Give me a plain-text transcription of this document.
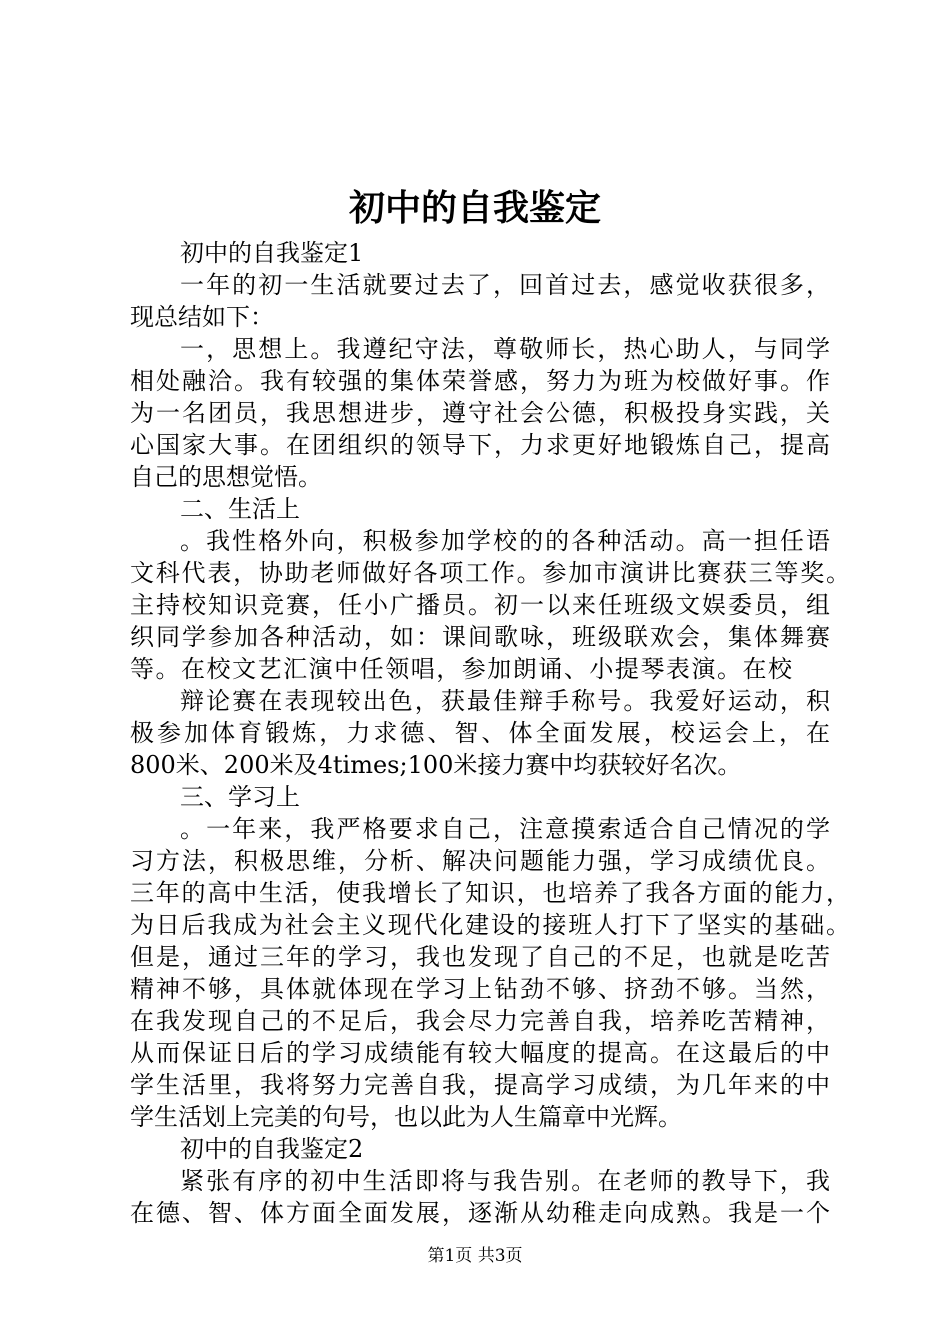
初中的自我鉴定
初中的自我鉴定1
一年的初一生活就要过去了，回首过去，感觉收获很多，
现总结如下：
一，思想上。我遵纪守法，尊敬师长，热心助人，与同学
相处融洽。我有较强的集体荣誉感，努力为班为校做好事。作
为一名团员，我思想进步，遵守社会公德，积极投身实践，关
心国家大事。在团组织的领导下，力求更好地锻炼自己，提高
自己的思想觉悟。
二、生活上
。我性格外向，积极参加学校的的各种活动。高一担任语
文科代表，协助老师做好各项工作。参加市演讲比赛获三等奖。
主持校知识竞赛，任小广播员。初一以来任班级文娱委员，组
织同学参加各种活动，如：课间歌咏，班级联欢会，集体舞赛
等。在校文艺汇演中任领唱，参加朗诵、小提琴表演。在校
辩论赛在表现较出色，获最佳辩手称号。我爱好运动，积
极参加体育锻炼，力求德、智、体全面发展，校运会上，在
800米、200米及4times;100米接力赛中均获较好名次。
三、学习上
。一年来，我严格要求自己，注意摸索适合自己情况的学
习方法，积极思维，分析、解决问题能力强，学习成绩优良。
三年的高中生活，使我增长了知识，也培养了我各方面的能力，
为日后我成为社会主义现代化建设的接班人打下了坚实的基础。
但是，通过三年的学习，我也发现了自己的不足，也就是吃苦
精神不够，具体就体现在学习上钻劲不够、挤劲不够。当然，
在我发现自己的不足后，我会尽力完善自我，培养吃苦精神，
从而保证日后的学习成绩能有较大幅度的提高。在这最后的中
学生活里，我将努力完善自我，提高学习成绩，为几年来的中
学生活划上完美的句号，也以此为人生篇章中光辉。
初中的自我鉴定2
紧张有序的初中生活即将与我告别。在老师的教导下，我
在德、智、体方面全面发展，逐渐从幼稚走向成熟。我是一个
第1页 共3页
